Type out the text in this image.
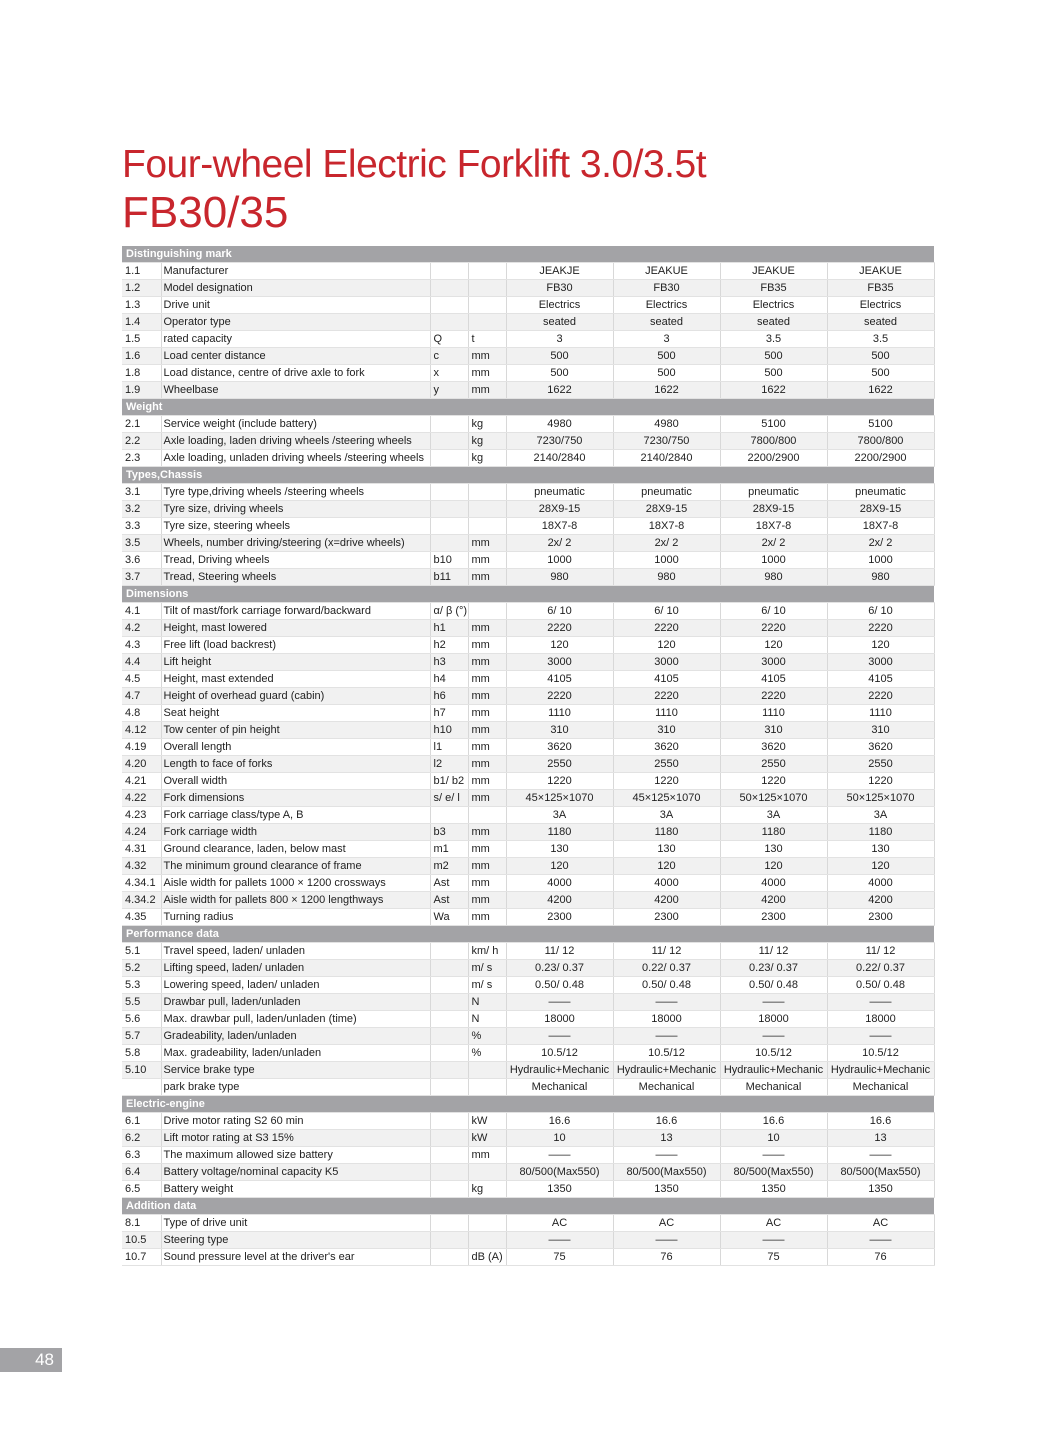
Four-wheel Electric Forklift 3.0/3.5t
FB30/35
Distinguishing mark							
1.1	Manufacturer			JEAKJE	JEAKUE	JEAKUE	JEAKUE
1.2	Model designation			FB30	FB30	FB35	FB35
1.3	Drive unit			Electrics	Electrics	Electrics	Electrics
1.4	Operator type			seated	seated	seated	seated
1.5	rated capacity	Q	t	3	3	3.5	3.5
1.6	Load center distance	c	mm	500	500	500	500
1.8	Load distance, centre of drive axle to fork	x	mm	500	500	500	500
1.9	Wheelbase	y	mm	1622	1622	1622	1622
Weight							
2.1	Service weight (include battery)		kg	4980	4980	5100	5100
2.2	Axle loading, laden driving wheels /steering wheels		kg	7230/750	7230/750	7800/800	7800/800
2.3	Axle loading, unladen driving wheels /steering wheels		kg	2140/2840	2140/2840	2200/2900	2200/2900
Types,Chassis							
3.1	Tyre type,driving wheels /steering wheels			pneumatic	pneumatic	pneumatic	pneumatic
3.2	Tyre size, driving wheels			28X9-15	28X9-15	28X9-15	28X9-15
3.3	Tyre size, steering wheels			18X7-8	18X7-8	18X7-8	18X7-8
3.5	Wheels, number driving/steering (x=drive wheels)		mm	2x/ 2	2x/ 2	2x/ 2	2x/ 2
3.6	Tread, Driving wheels	b10	mm	1000	1000	1000	1000
3.7	Tread, Steering wheels	b11	mm	980	980	980	980
Dimensions							
4.1	Tilt of mast/fork carriage forward/backward	α/ β (°)		6/ 10	6/ 10	6/ 10	6/ 10
4.2	Height, mast lowered	h1	mm	2220	2220	2220	2220
4.3	Free lift (load backrest)	h2	mm	120	120	120	120
4.4	Lift height	h3	mm	3000	3000	3000	3000
4.5	Height, mast extended	h4	mm	4105	4105	4105	4105
4.7	Height of overhead guard (cabin)	h6	mm	2220	2220	2220	2220
4.8	Seat height	h7	mm	1110	1110	1110	1110
4.12	Tow center of pin height	h10	mm	310	310	310	310
4.19	Overall length	l1	mm	3620	3620	3620	3620
4.20	Length to face of forks	l2	mm	2550	2550	2550	2550
4.21	Overall width	b1/ b2	mm	1220	1220	1220	1220
4.22	Fork dimensions	s/ e/ l	mm	45×125×1070	45×125×1070	50×125×1070	50×125×1070
4.23	Fork carriage class/type A, B			3A	3A	3A	3A
4.24	Fork carriage width	b3	mm	1180	1180	1180	1180
4.31	Ground clearance, laden, below mast	m1	mm	130	130	130	130
4.32	The minimum ground clearance of frame	m2	mm	120	120	120	120
4.34.1	Aisle width for pallets 1000 × 1200 crossways	Ast	mm	4000	4000	4000	4000
4.34.2	Aisle width for pallets 800 × 1200 lengthways	Ast	mm	4200	4200	4200	4200
4.35	Turning radius	Wa	mm	2300	2300	2300	2300
Performance data							
5.1	Travel speed, laden/ unladen		km/ h	11/ 12	11/ 12	11/ 12	11/ 12
5.2	Lifting speed, laden/ unladen		m/ s	0.23/ 0.37	0.22/ 0.37	0.23/ 0.37	0.22/ 0.37
5.3	Lowering speed, laden/ unladen		m/ s	0.50/ 0.48	0.50/ 0.48	0.50/ 0.48	0.50/ 0.48
5.5	Drawbar pull, laden/unladen		N	——	——	——	——
5.6	Max. drawbar pull, laden/unladen (time)		N	18000	18000	18000	18000
5.7	Gradeability, laden/unladen		%	——	——	——	——
5.8	Max. gradeability, laden/unladen		%	10.5/12	10.5/12	10.5/12	10.5/12
5.10	Service brake type			Hydraulic+Mechanic	Hydraulic+Mechanic	Hydraulic+Mechanic	Hydraulic+Mechanic
	park brake type			Mechanical	Mechanical	Mechanical	Mechanical
Electric-engine							
6.1	Drive motor rating S2 60 min		kW	16.6	16.6	16.6	16.6
6.2	Lift motor rating at S3 15%		kW	10	13	10	13
6.3	The maximum allowed size battery		mm	——	——	——	——
6.4	Battery voltage/nominal capacity K5			80/500(Max550)	80/500(Max550)	80/500(Max550)	80/500(Max550)
6.5	Battery weight		kg	1350	1350	1350	1350
Addition data							
8.1	Type of drive unit			AC	AC	AC	AC
10.5	Steering type			——	——	——	——
10.7	Sound pressure level at the driver's ear		dB (A)	75	76	75	76
48
